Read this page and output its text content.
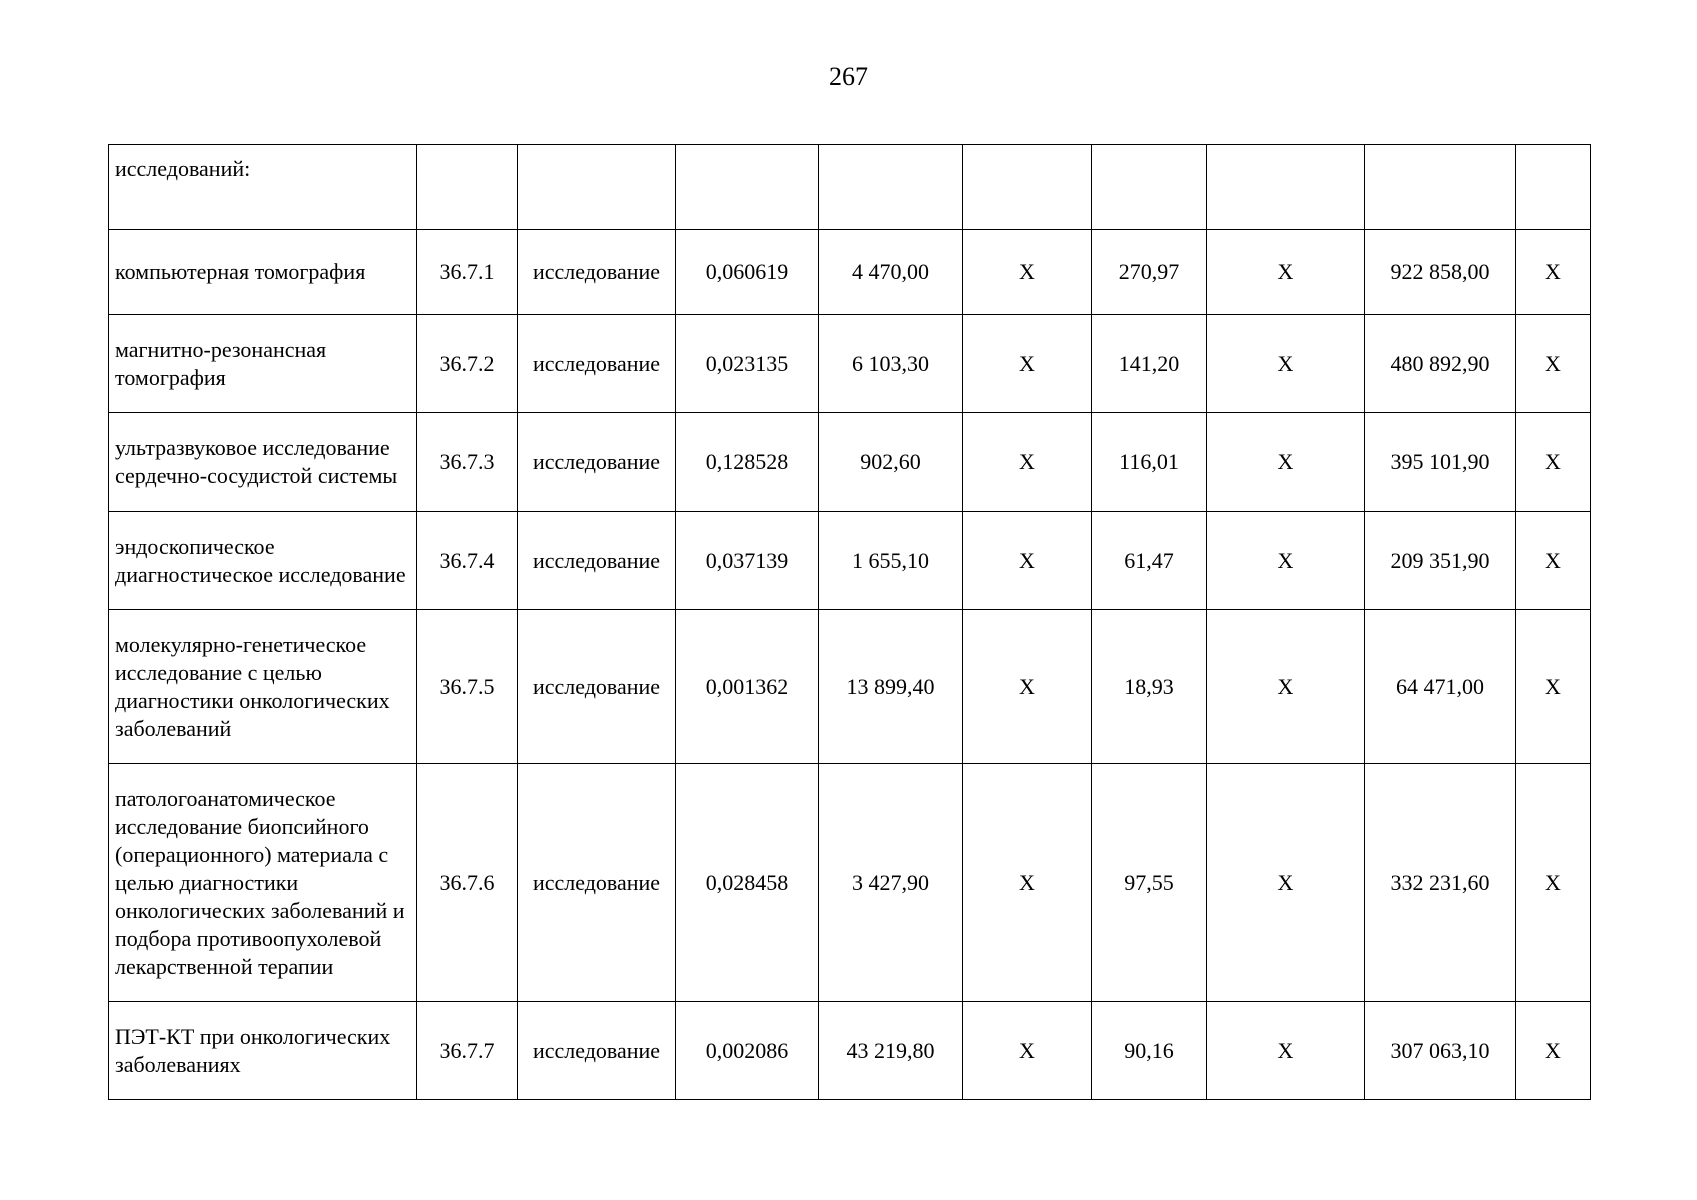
267
исследований:									
компьютерная томография	36.7.1	исследование	0,060619	4 470,00	Х	270,97	Х	922 858,00	Х
магнитно-резонансная томография	36.7.2	исследование	0,023135	6 103,30	Х	141,20	Х	480 892,90	Х
ультразвуковое исследование сердечно-сосудистой системы	36.7.3	исследование	0,128528	902,60	Х	116,01	Х	395 101,90	Х
эндоскопическое диагностическое исследование	36.7.4	исследование	0,037139	1 655,10	Х	61,47	Х	209 351,90	Х
молекулярно-генетическое исследование с целью диагностики онкологических заболеваний	36.7.5	исследование	0,001362	13 899,40	Х	18,93	Х	64 471,00	Х
патологоанатомическое исследование биопсийного (операционного) материала с целью диагностики онкологических заболеваний и подбора противоопухолевой лекарственной терапии	36.7.6	исследование	0,028458	3 427,90	Х	97,55	Х	332 231,60	Х
ПЭТ-КТ при онкологических заболеваниях	36.7.7	исследование	0,002086	43 219,80	Х	90,16	Х	307 063,10	Х
